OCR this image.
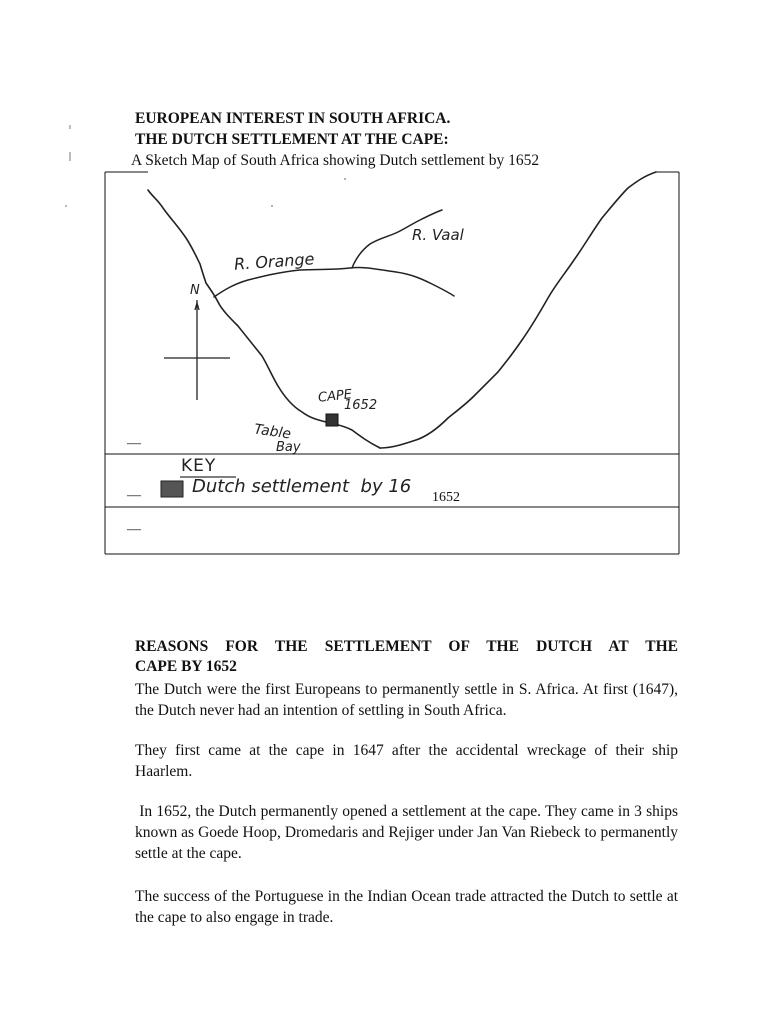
EUROPEAN INTEREST IN SOUTH AFRICA.
THE DUTCH SETTLEMENT AT THE CAPE:
A Sketch Map of South Africa showing Dutch settlement by 1652
N
R. Orange
R. Vaal
CAPE
1652
Table
Bay
KEY
Dutch settlement  by 16
1652
—
—
—
REASONS FOR THE SETTLEMENT OF THE DUTCH AT THE
CAPE BY 1652
The Dutch were the first Europeans to permanently settle in S. Africa. At first (1647), the Dutch never had an intention of settling in South Africa.
They first came at the cape in 1647 after the accidental wreckage of their ship Haarlem.
In 1652, the Dutch permanently opened a settlement at the cape. They came in 3 ships known as Goede Hoop, Dromedaris and Rejiger under Jan Van Riebeck to permanently settle at the cape.
The success of the Portuguese in the Indian Ocean trade attracted the Dutch to settle at the cape to also engage in trade.
